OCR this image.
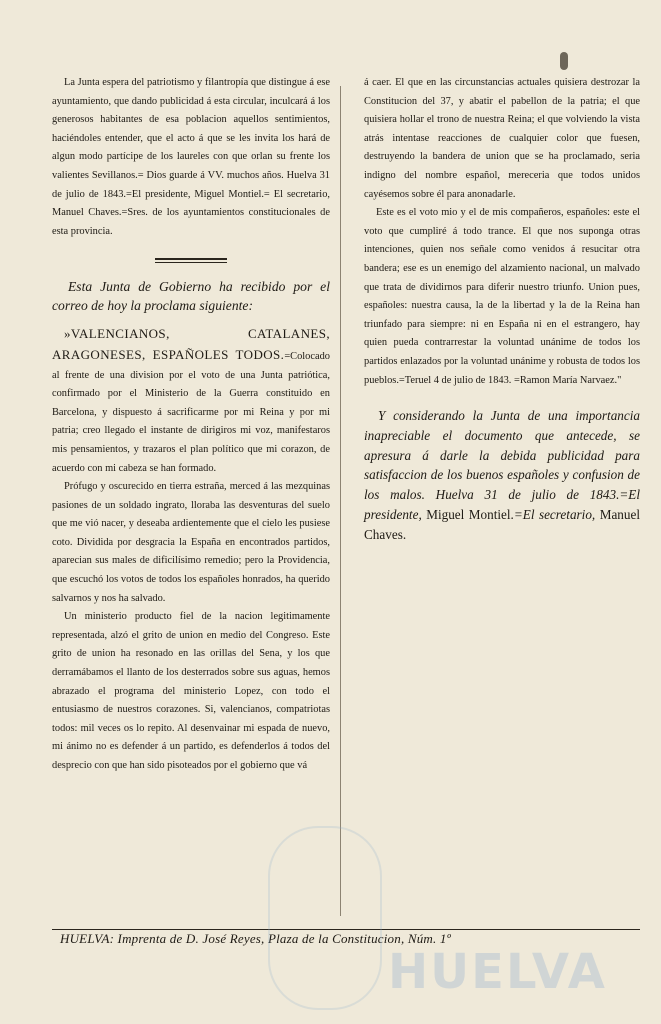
La Junta espera del patriotismo y filantropía que distingue á ese ayuntamiento, que dando publicidad á esta circular, inculcará á los generosos habitantes de esa poblacion aquellos sentimientos, haciéndoles entender, que el acto á que se les invita los hará de algun modo partícipe de los laureles con que orlan su frente los valientes Sevillanos.= Dios guarde á VV. muchos años. Huelva 31 de julio de 1843.=El presidente, Miguel Montiel.= El secretario, Manuel Chaves.=Sres. de los ayuntamientos constitucionales de esta provincia.

Esta Junta de Gobierno ha recibido por el correo de hoy la proclama siguiente:

»VALENCIANOS, CATALANES, ARAGONESES, ESPAÑOLES TODOS.=Colocado al frente de una division por el voto de una Junta patriótica, confirmado por el Ministerio de la Guerra constituido en Barcelona, y dispuesto á sacrificarme por mi Reina y por mi patria; creo llegado el instante de dirigiros mi voz, manifestaros mis pensamientos, y trazaros el plan político que mi corazon, de acuerdo con mi cabeza se han formado.

Prófugo y oscurecido en tierra estraña, merced á las mezquinas pasiones de un soldado ingrato, lloraba las desventuras del suelo que me vió nacer, y deseaba ardientemente que el cielo les pusiese coto. Dividida por desgracia la España en encontrados partidos, aparecian sus males de dificilísimo remedio; pero la Providencia, que escuchó los votos de todos los españoles honrados, ha querido salvarnos y nos ha salvado.

Un ministerio producto fiel de la nacion legitimamente representada, alzó el grito de union en medio del Congreso. Este grito de union ha resonado en las orillas del Sena, y los que derramábamos el llanto de los desterrados sobre sus aguas, hemos abrazado el programa del ministerio Lopez, con todo el entusiasmo de nuestros corazones. Si, valencianos, compatriotas todos: mil veces os lo repito. Al desenvainar mi espada de nuevo, mi ánimo no es defender á un partido, es defenderlos á todos del desprecio con que han sido pisoteados por el gobierno que vá

á caer. El que en las circunstancias actuales quisiera destrozar la Constitucion del 37, y abatir el pabellon de la patria; el que quisiera hollar el trono de nuestra Reina; el que volviendo la vista atrás intentase reacciones de cualquier color que fuesen, destruyendo la bandera de union que se ha proclamado, seria indigno del nombre español, mereceria que todos unidos cayésemos sobre él para anonadarle.

Este es el voto mio y el de mis compañeros, españoles: este el voto que cumpliré á todo trance. El que nos suponga otras intenciones, quien nos señale como venidos á resucitar otra bandera; ese es un enemigo del alzamiento nacional, un malvado que trata de dividirnos para diferir nuestro triunfo. Union pues, españoles: nuestra causa, la de la libertad y la de la Reina han triunfado para siempre: ni en España ni en el estrangero, hay quien pueda contrarrestar la voluntad unánime de todos los partidos enlazados por la voluntad unánime y robusta de todos los pueblos.=Teruel 4 de julio de 1843. =Ramon María Narvaez."

Y considerando la Junta de una importancia inapreciable el documento que antecede, se apresura á darle la debida publicidad para satisfaccion de los buenos españoles y confusion de los malos. Huelva 31 de julio de 1843.=El presidente, Miguel Montiel.=El secretario, Manuel Chaves.

HUELVA: Imprenta de D. José Reyes, Plaza de la Constitucion, Núm. 1º
HUELVA
